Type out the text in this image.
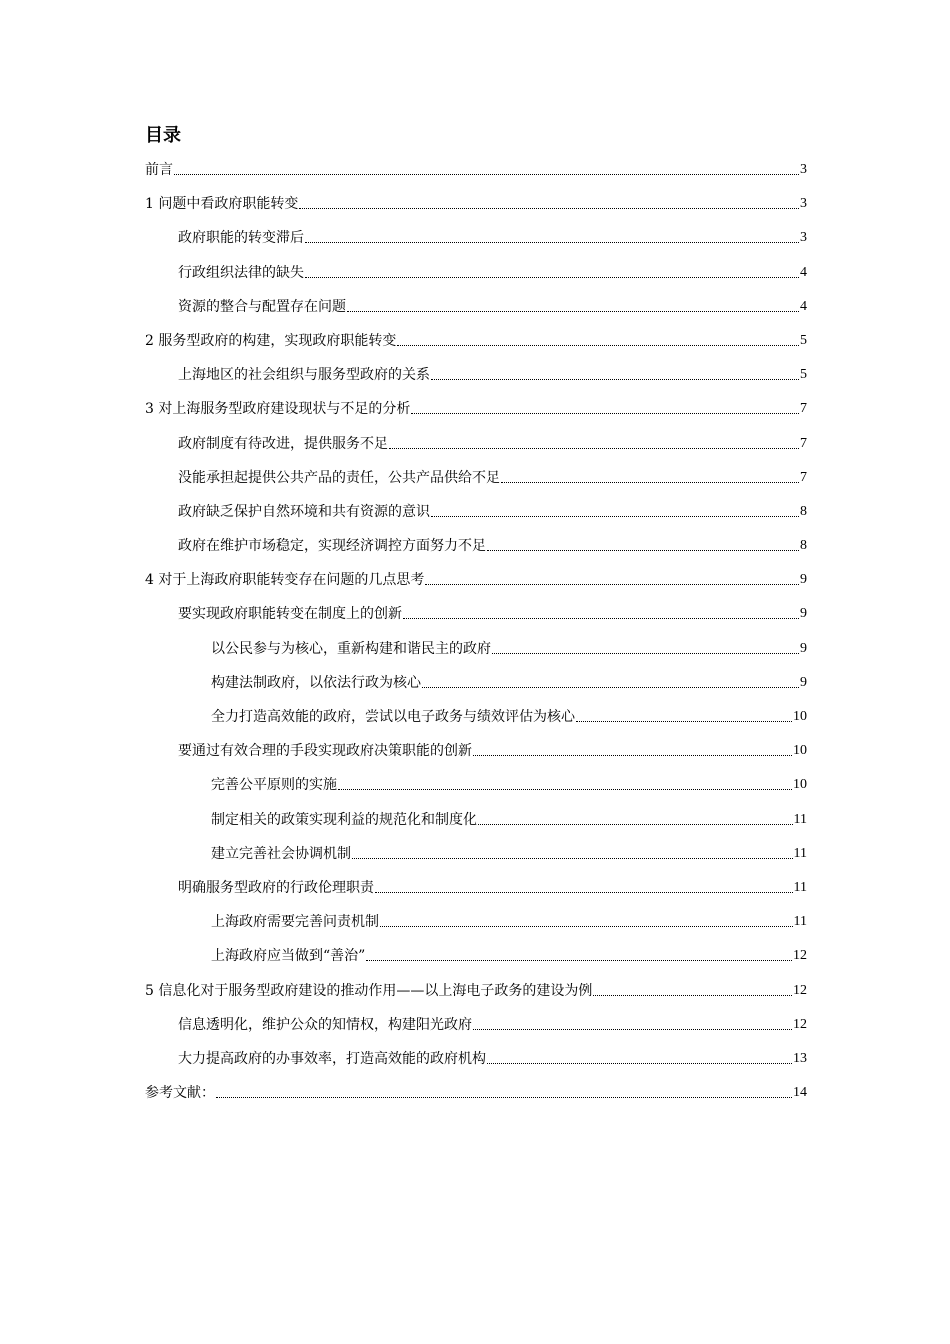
目录
前言	3
1 问题中看政府职能转变	3
政府职能的转变滞后	3
行政组织法律的缺失	4
资源的整合与配置存在问题	4
2 服务型政府的构建，实现政府职能转变	5
上海地区的社会组织与服务型政府的关系	5
3 对上海服务型政府建设现状与不足的分析	7
政府制度有待改进，提供服务不足	7
没能承担起提供公共产品的责任，公共产品供给不足	7
政府缺乏保护自然环境和共有资源的意识	8
政府在维护市场稳定，实现经济调控方面努力不足	8
4 对于上海政府职能转变存在问题的几点思考	9
要实现政府职能转变在制度上的创新	9
以公民参与为核心，重新构建和谐民主的政府	9
构建法制政府，以依法行政为核心	9
全力打造高效能的政府，尝试以电子政务与绩效评估为核心	10
要通过有效合理的手段实现政府决策职能的创新	10
完善公平原则的实施	10
制定相关的政策实现利益的规范化和制度化	11
建立完善社会协调机制	11
明确服务型政府的行政伦理职责	11
上海政府需要完善问责机制	11
上海政府应当做到“善治”	12
5 信息化对于服务型政府建设的推动作用——以上海电子政务的建设为例	12
信息透明化，维护公众的知情权，构建阳光政府	12
大力提高政府的办事效率，打造高效能的政府机构	13
参考文献：	14
